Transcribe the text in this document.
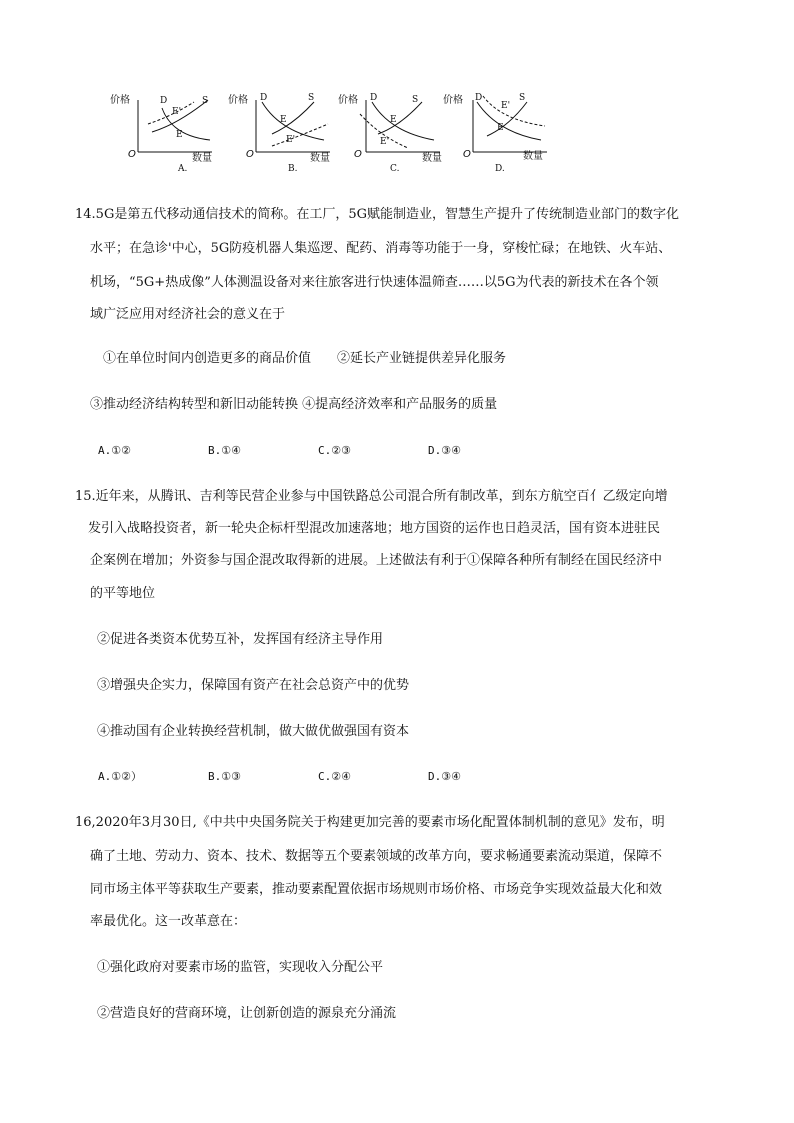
价格
O	数量
D	S
E'
E
A.
价格
O	数量
D	S
E
E'
B.
价格
O	数量
D	S
E
E'
C.
价格
O	数量
D	S
E'
E
D.
14.5G是第五代移动通信技术的简称。在工厂，5G赋能制造业，智慧生产提升了传统制造业部门的数字化
水平；在急诊'中心，5G防疫机器人集巡逻、配药、消毒等功能于一身，穿梭忙碌；在地铁、火车站、
机场，“5G+热成像”人体测温设备对来往旅客进行快速体温筛查……以5G为代表的新技术在各个领
域广泛应用对经济社会的意义在于
①在单位时间内创造更多的商品价值　　②延长产业链提供差异化服务
③推动经济结构转型和新旧动能转换 ④提高经济效率和产品服务的质量
A.①②	B.①④	C.②③	D.③④
15.近年来，从腾讯、吉利等民营企业参与中国铁路总公司混合所有制改革，到东方航空百亻乙级定向增
发引入战略投资者，新一轮央企标杆型混改加速落地；地方国资的运作也日趋灵活，国有资本进驻民
企案例在增加；外资参与国企混改取得新的进展。上述做法有利于①保障各种所有制经在国民经济中
的平等地位
②促进各类资本优势互补，发挥国有经济主导作用
③增强央企实力，保障国有资产在社会总资产中的优势
④推动国有企业转换经营机制，做大做优做强国有资本
A.①②）	B.①③	C.②④	D.③④
16,2020年3月30日,《中共中央国务院关于构建更加完善的要素市场化配置体制机制的意见》发布，明
确了土地、劳动力、资本、技术、数据等五个要素领域的改革方向，要求畅通要素流动渠道，保障不
同市场主体平等获取生产要素，推动要素配置依据市场规则市场价格、市场竞争实现效益最大化和效
率最优化。这一改革意在：
①强化政府对要素市场的监管，实现收入分配公平
②营造良好的营商环境，让创新创造的源泉充分涌流
